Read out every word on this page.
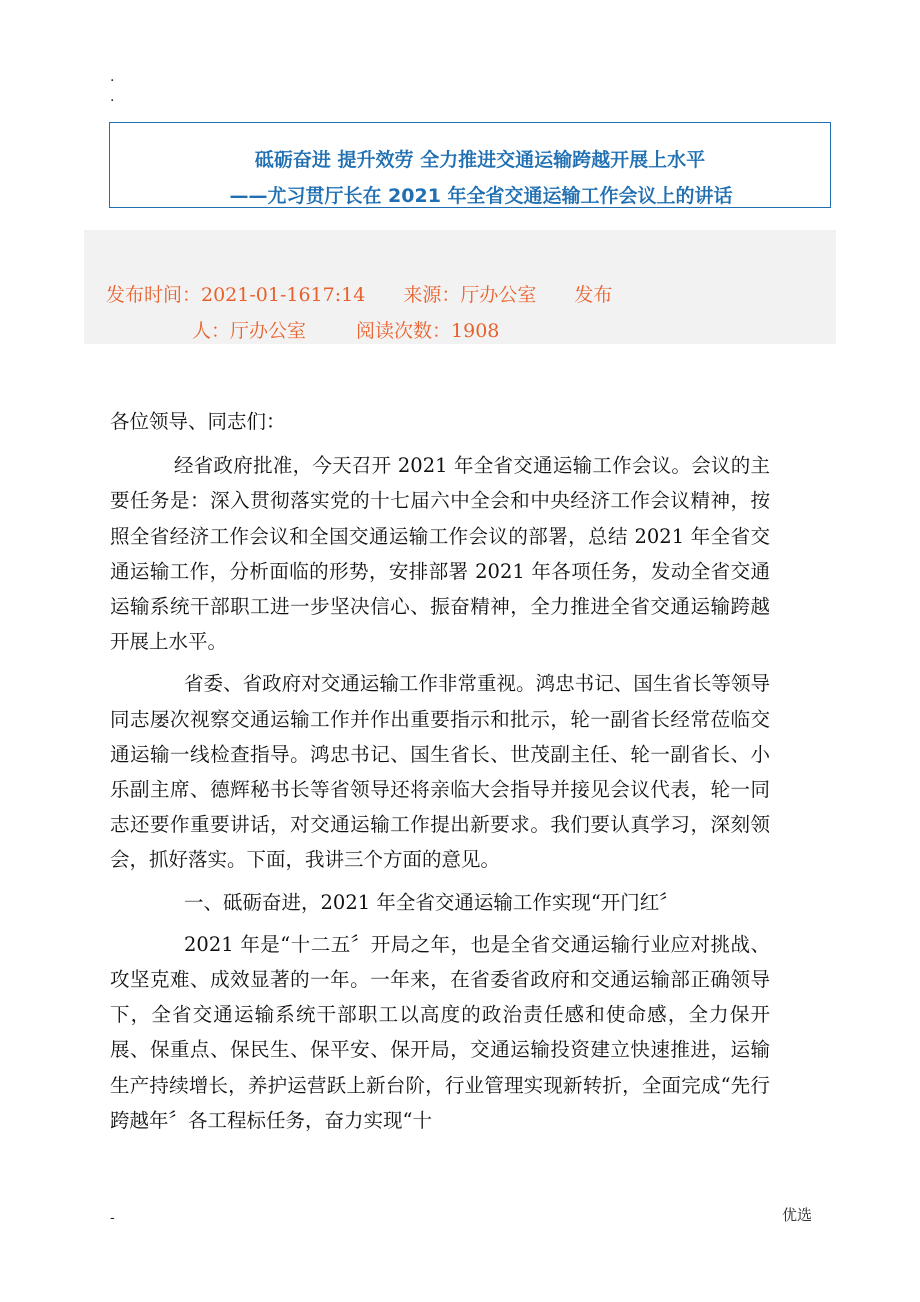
.
.
砥砺奋进 提升效劳 全力推进交通运输跨越开展上水平
——尤习贯厅长在 2021 年全省交通运输工作会议上的讲话
发布时间：2021-01-1617:14 来源：厅办公室 发布
人：厅办公室	阅读次数：1908

各位领导、同志们：

经省政府批准，今天召开 2021 年全省交通运输工作会议。会议的主要任务是：深入贯彻落实党的十七届六中全会和中央经济工作会议精神，按照全省经济工作会议和全国交通运输工作会议的部署，总结 2021 年全省交通运输工作，分析面临的形势，安排部署 2021 年各项任务，发动全省交通运输系统干部职工进一步坚决信心、振奋精神，全力推进全省交通运输跨越开展上水平。

省委、省政府对交通运输工作非常重视。鸿忠书记、国生省长等领导同志屡次视察交通运输工作并作出重要指示和批示，轮一副省长经常莅临交通运输一线检查指导。鸿忠书记、国生省长、世茂副主任、轮一副省长、小乐副主席、德辉秘书长等省领导还将亲临大会指导并接见会议代表，轮一同志还要作重要讲话，对交通运输工作提出新要求。我们要认真学习，深刻领会，抓好落实。下面，我讲三个方面的意见。

一、砥砺奋进，2021 年全省交通运输工作实现“开门红〞

2021 年是“十二五〞开局之年，也是全省交通运输行业应对挑战、攻坚克难、成效显著的一年。一年来，在省委省政府和交通运输部正确领导下，全省交通运输系统干部职工以高度的政治责任感和使命感，全力保开展、保重点、保民生、保平安、保开局，交通运输投资建立快速推进，运输生产持续增长，养护运营跃上新台阶，行业管理实现新转折，全面完成“先行跨越年〞各工程标任务，奋力实现“十

-	优选
